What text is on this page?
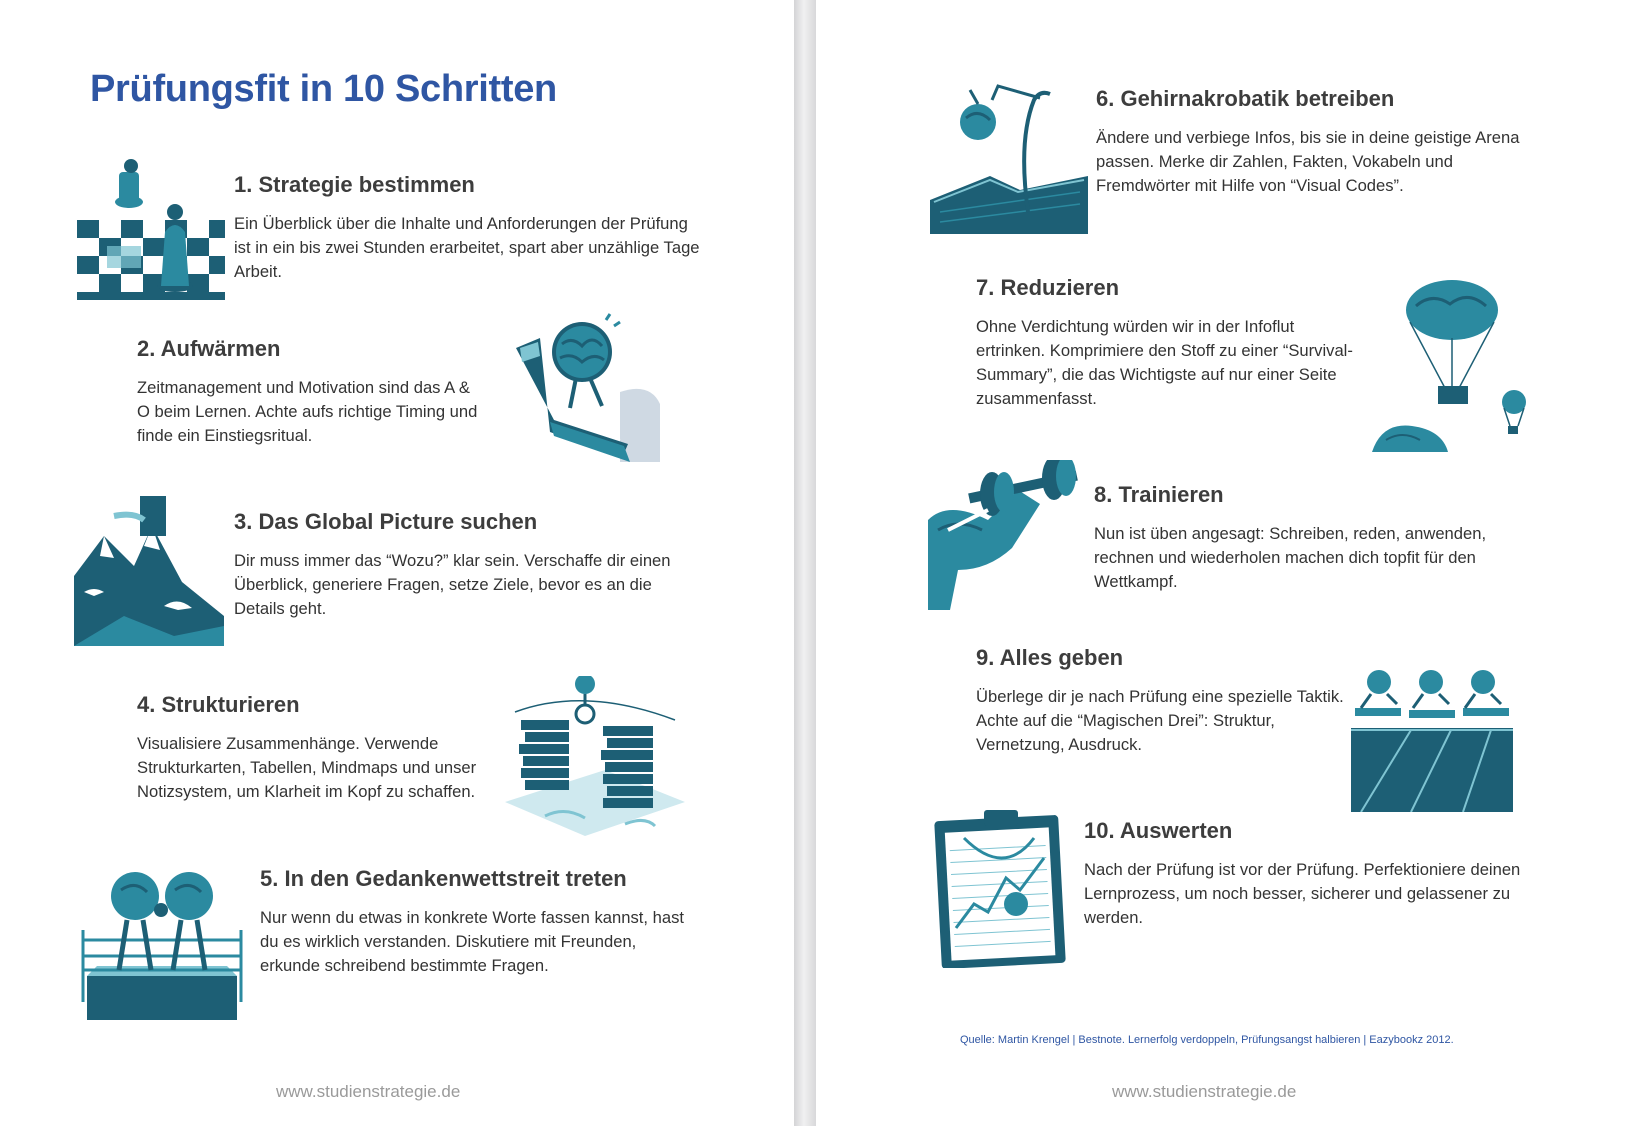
Prüfungsfit in 10 Schritten
1. Strategie bestimmen

Ein Überblick über die Inhalte und Anforderungen der Prüfung ist in ein bis zwei Stunden erarbeitet, spart aber unzählige Tage Arbeit.

2. Aufwärmen

Zeitmanagement und Motivation sind das A & O beim Lernen. Achte aufs richtige Timing und finde ein Einstiegsritual.

3. Das Global Picture suchen

Dir muss immer das “Wozu?” klar sein. Verschaffe dir einen Überblick, generiere Fragen, setze Ziele, bevor es an die Details geht.

4. Strukturieren

Visualisiere Zusammenhänge. Verwende Strukturkarten, Tabellen, Mindmaps und unser Notizsystem, um Klarheit im Kopf zu schaffen.

5. In den Gedankenwettstreit treten

Nur wenn du etwas in konkrete Worte fassen kannst, hast du es wirklich verstanden. Diskutiere mit Freunden, erkunde schreibend bestimmte Fragen.

www.studienstrategie.de
6. Gehirnakrobatik betreiben

Ändere und verbiege Infos, bis sie in deine geistige Arena passen. Merke dir Zahlen, Fakten, Vokabeln und Fremdwörter mit Hilfe von “Visual Codes”.

7. Reduzieren

Ohne Verdichtung würden wir in der Infoflut ertrinken. Komprimiere den Stoff zu einer “Survival-Summary”, die das Wichtigste auf nur einer Seite zusammenfasst.

8. Trainieren

Nun ist üben angesagt: Schreiben, reden, anwenden, rechnen und wiederholen machen dich topfit für den Wettkampf.

9. Alles geben

Überlege dir je nach Prüfung eine spezielle Taktik. Achte auf die “Magischen Drei”: Struktur, Vernetzung, Ausdruck.

10. Auswerten

Nach der Prüfung ist vor der Prüfung. Perfektioniere deinen Lernprozess, um noch besser, sicherer und gelassener zu werden.

Quelle: Martin Krengel | Bestnote. Lernerfolg verdoppeln, Prüfungsangst halbieren | Eazybookz 2012.
www.studienstrategie.de
